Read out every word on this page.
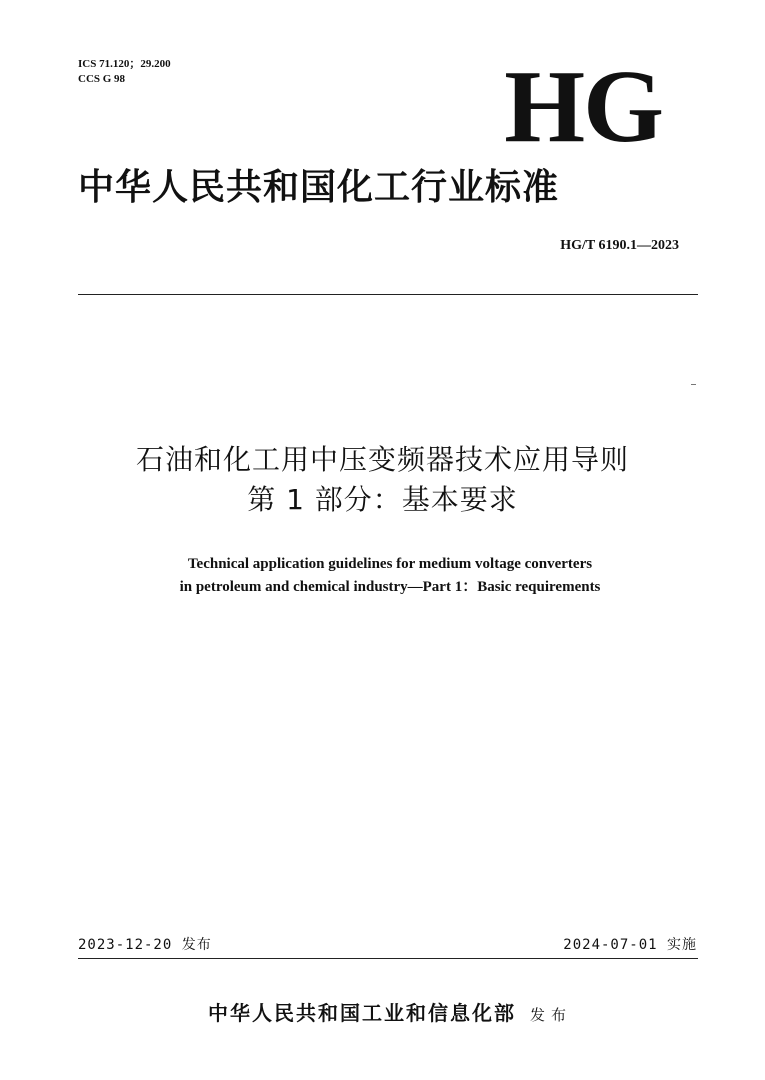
ICS 71.120；29.200
CCS G 98	HG
中华人民共和国化工行业标准
HG/T 6190.1—2023
石油和化工用中压变频器技术应用导则
第 1 部分：基本要求
Technical application guidelines for medium voltage converters
in petroleum and chemical industry—Part 1：Basic requirements
2023-12-20 发布	2024-07-01 实施
中华人民共和国工业和信息化部 发布
